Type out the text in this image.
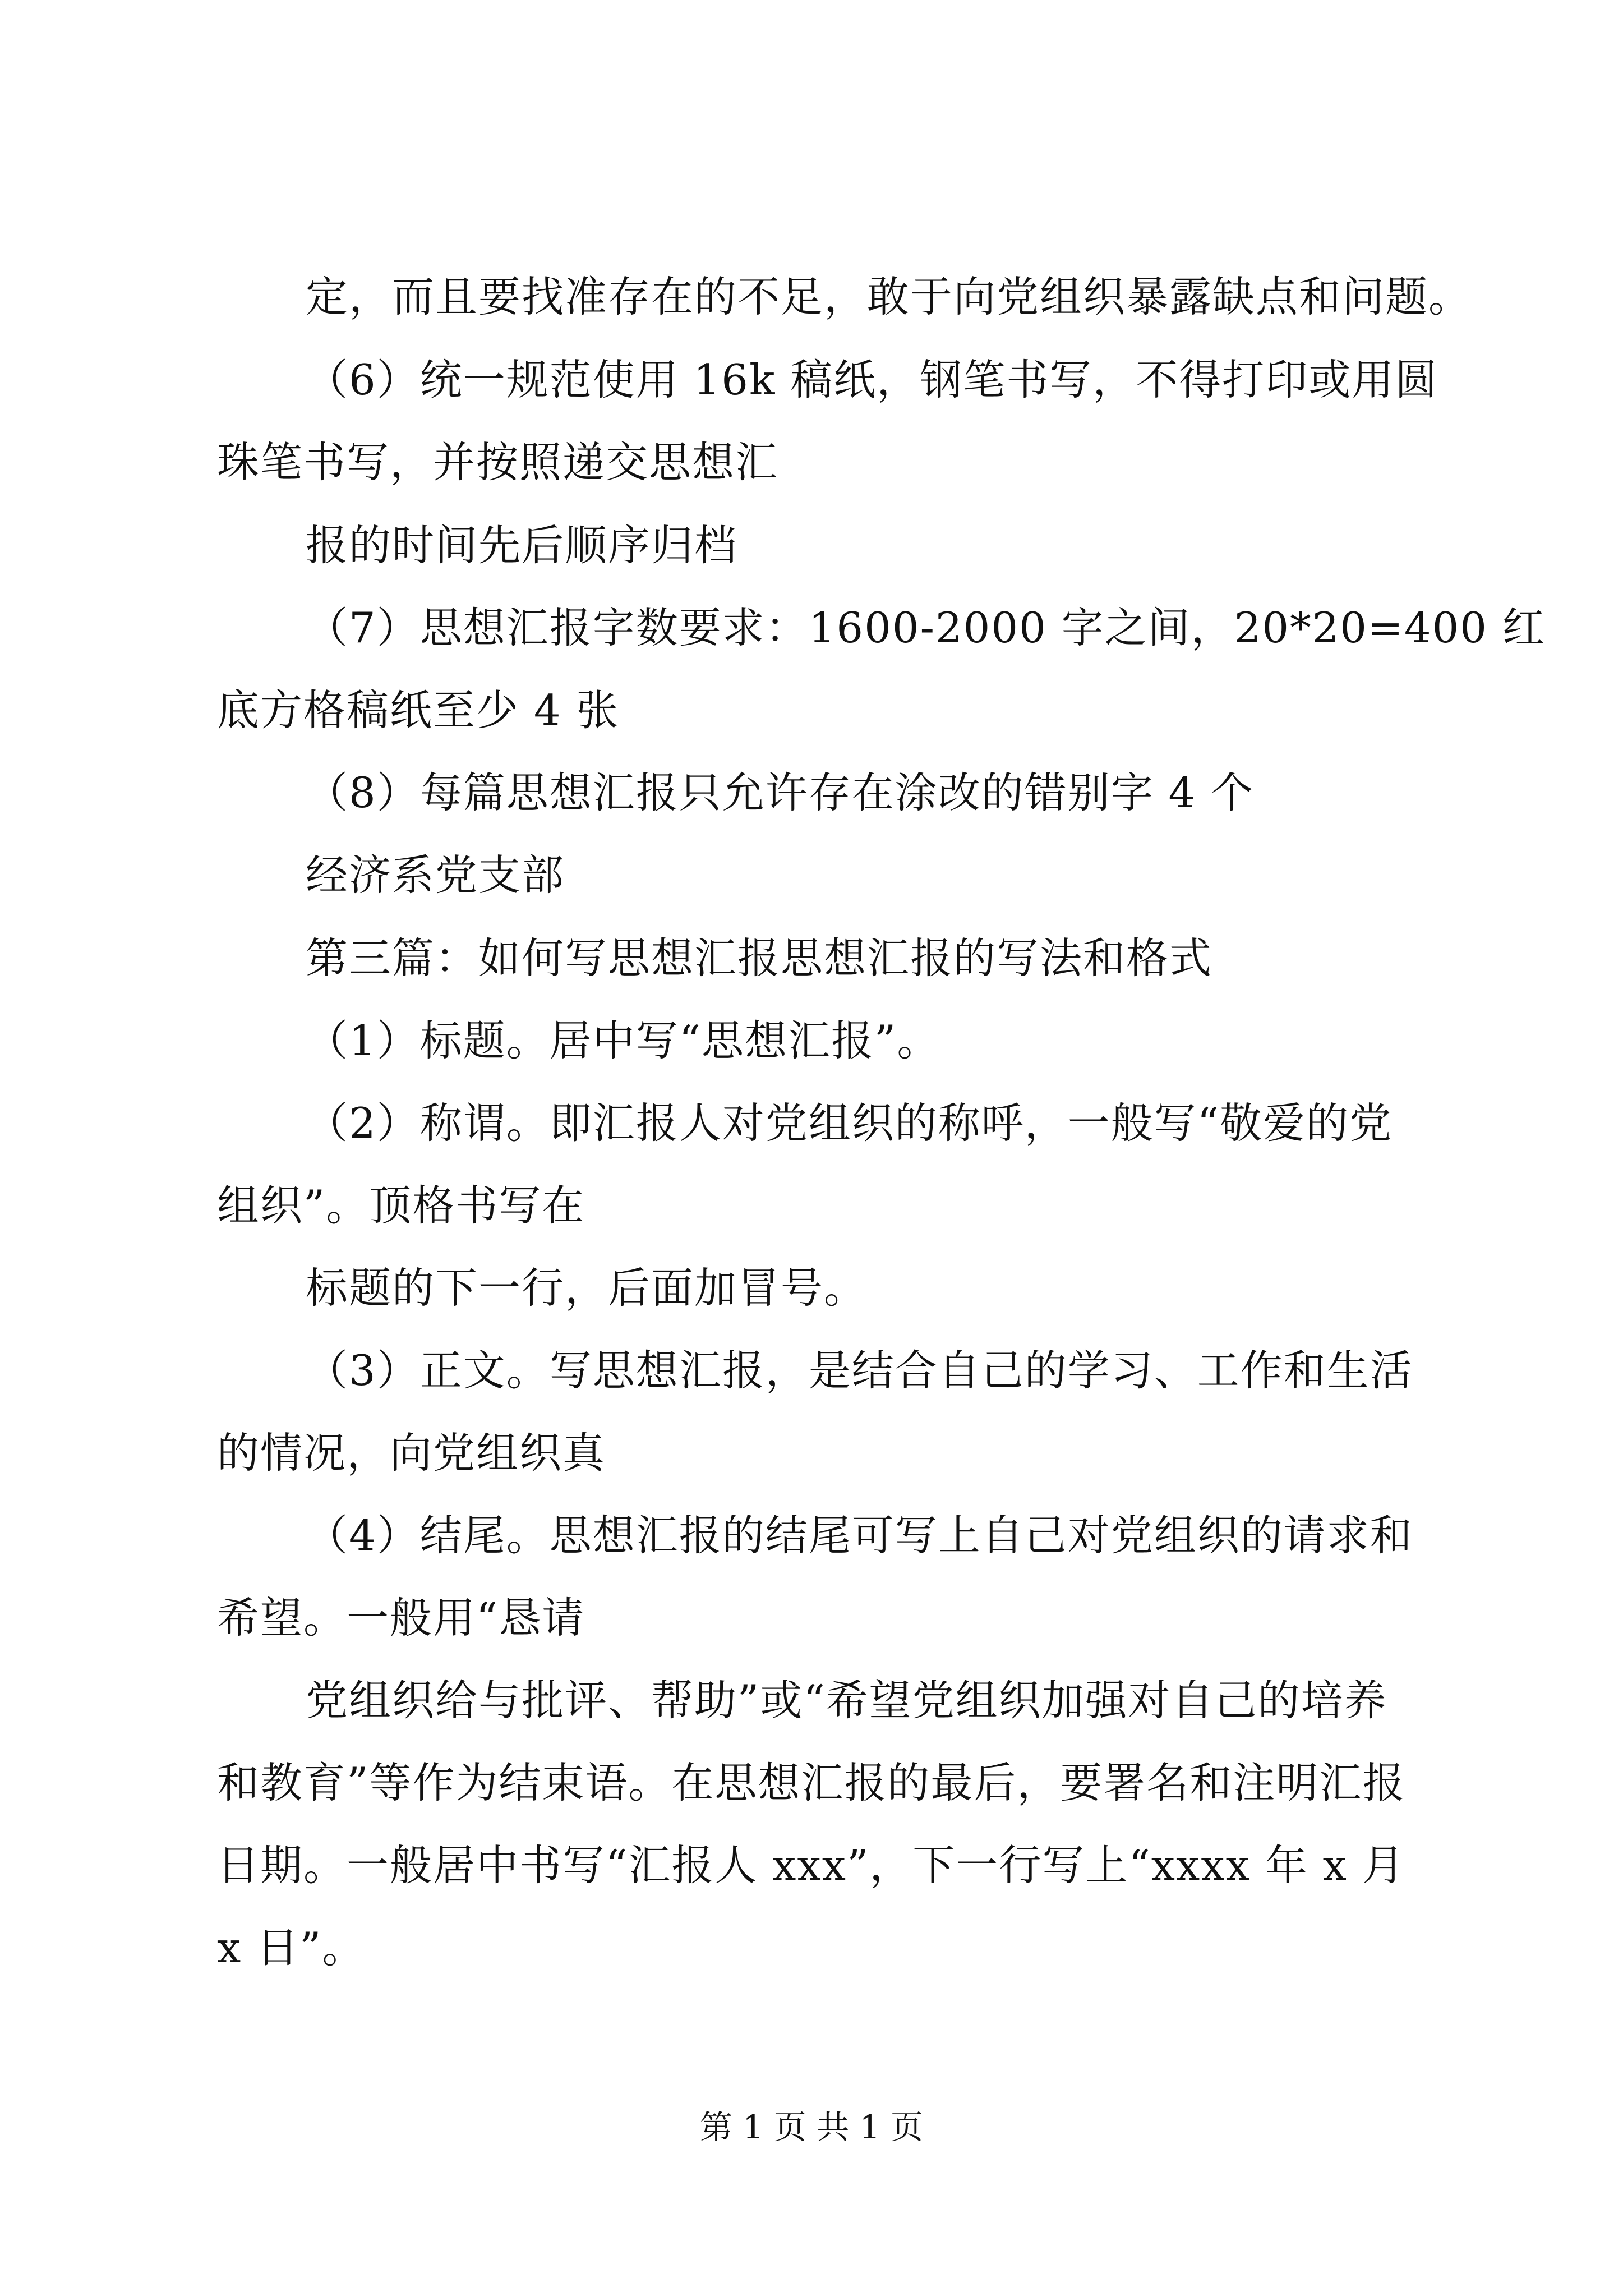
定，而且要找准存在的不足，敢于向党组织暴露缺点和问题。
（6）统一规范使用 16k 稿纸，钢笔书写，不得打印或用圆
珠笔书写，并按照递交思想汇
报的时间先后顺序归档
（7）思想汇报字数要求：1600-2000 字之间，20*20=400 红
底方格稿纸至少 4 张
（8）每篇思想汇报只允许存在涂改的错别字 4 个
经济系党支部
第三篇：如何写思想汇报思想汇报的写法和格式
（1）标题。居中写“思想汇报”。
（2）称谓。即汇报人对党组织的称呼，一般写“敬爱的党
组织”。顶格书写在
标题的下一行，后面加冒号。
（3）正文。写思想汇报，是结合自己的学习、工作和生活
的情况，向党组织真
（4）结尾。思想汇报的结尾可写上自己对党组织的请求和
希望。一般用“恳请
党组织给与批评、帮助”或“希望党组织加强对自己的培养
和教育”等作为结束语。在思想汇报的最后，要署名和注明汇报
日期。一般居中书写“汇报人 xxx”，下一行写上“xxxx 年 x 月
x 日”。
第 1 页 共 1 页
